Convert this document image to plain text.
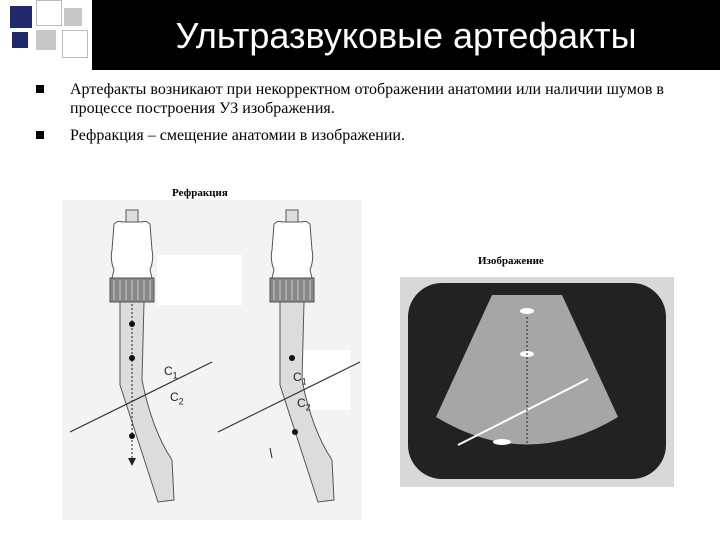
Ультразвуковые артефакты
Артефакты возникают при некорректном отображении анатомии или наличии шумов в процессе построения УЗ изображения.
Рефракция – смещение анатомии в изображении.
Рефракция
$C_1$
$C_2$
$C_1$
$C_2$
Изображение
